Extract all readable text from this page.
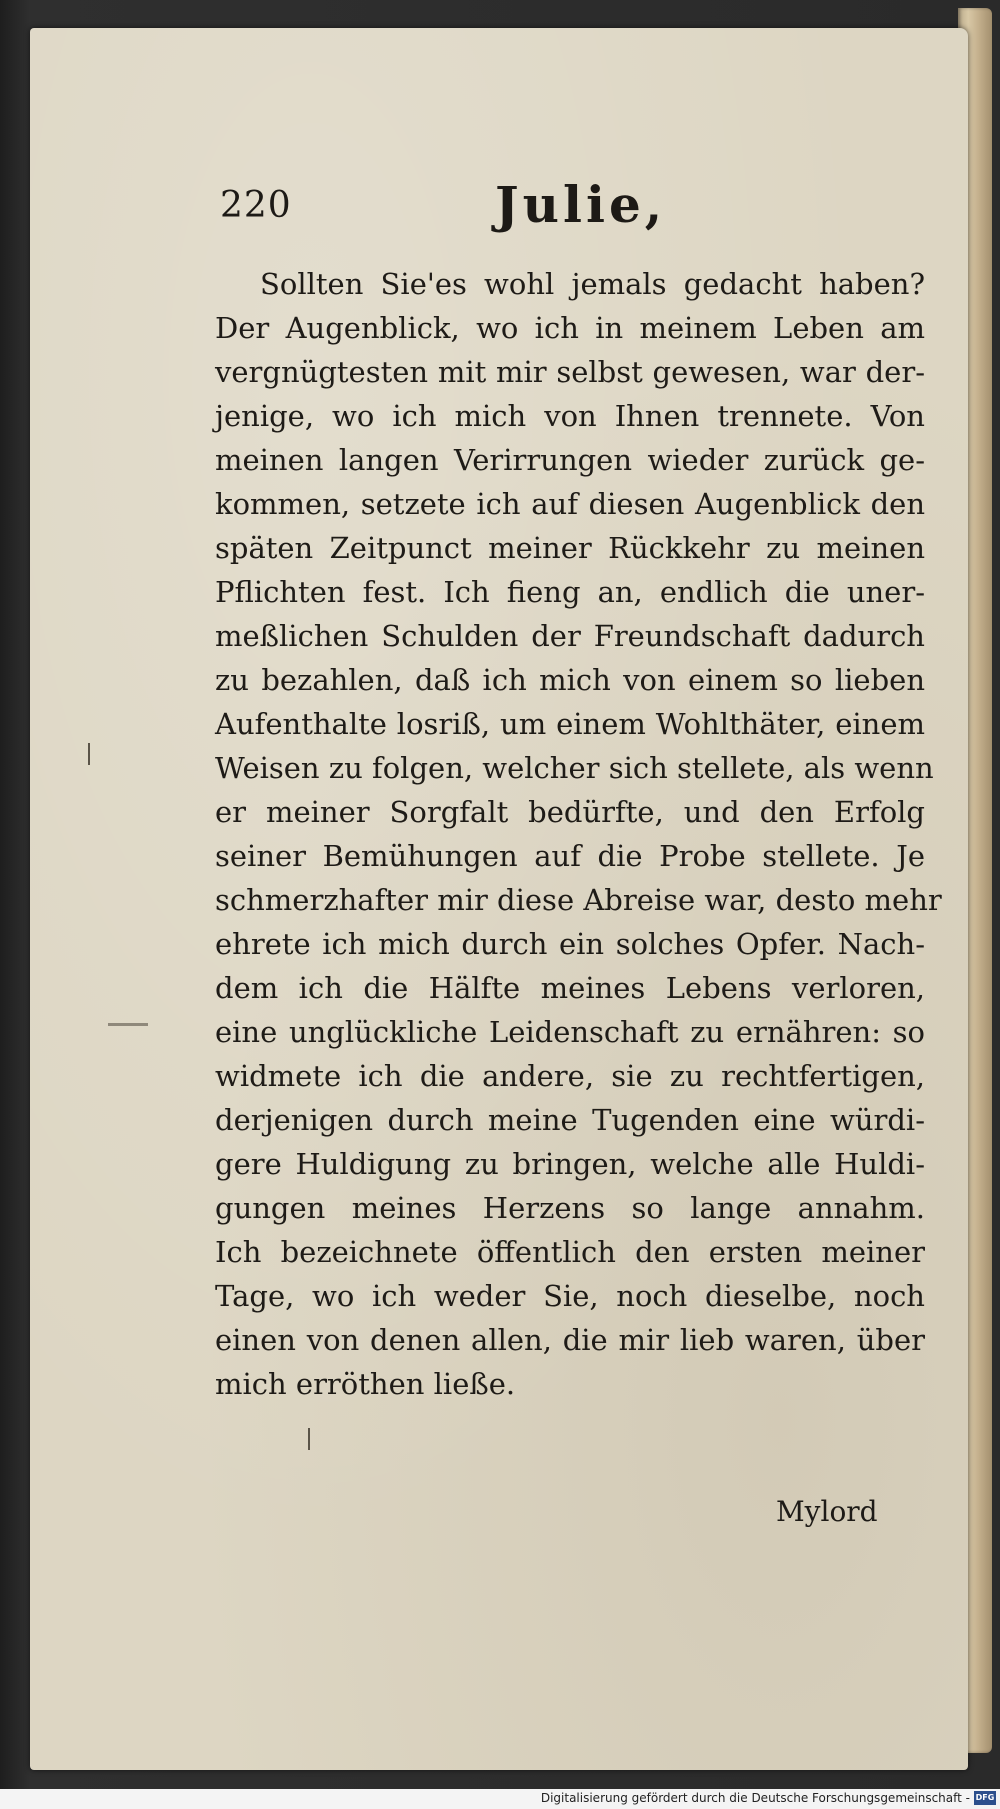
220	Julie,
Sollten Sie'es wohl jemals gedacht haben?
Der Augenblick, wo ich in meinem Leben am
vergnügtesten mit mir selbst gewesen, war der-
jenige, wo ich mich von Ihnen trennete. Von
meinen langen Verirrungen wieder zurück ge-
kommen, setzete ich auf diesen Augenblick den
späten Zeitpunct meiner Rückkehr zu meinen
Pflichten fest. Ich fieng an, endlich die uner-
meßlichen Schulden der Freundschaft dadurch
zu bezahlen, daß ich mich von einem so lieben
Aufenthalte losriß, um einem Wohlthäter, einem
Weisen zu folgen, welcher sich stellete, als wenn
er meiner Sorgfalt bedürfte, und den Erfolg
seiner Bemühungen auf die Probe stellete. Je
schmerzhafter mir diese Abreise war, desto mehr
ehrete ich mich durch ein solches Opfer. Nach-
dem ich die Hälfte meines Lebens verloren,
eine unglückliche Leidenschaft zu ernähren: so
widmete ich die andere, sie zu rechtfertigen,
derjenigen durch meine Tugenden eine würdi-
gere Huldigung zu bringen, welche alle Huldi-
gungen meines Herzens so lange annahm.
Ich bezeichnete öffentlich den ersten meiner
Tage, wo ich weder Sie, noch dieselbe, noch
einen von denen allen, die mir lieb waren, über
mich erröthen ließe.
Mylord
Digitalisierung gefördert durch die Deutsche Forschungsgemeinschaft - DFG
